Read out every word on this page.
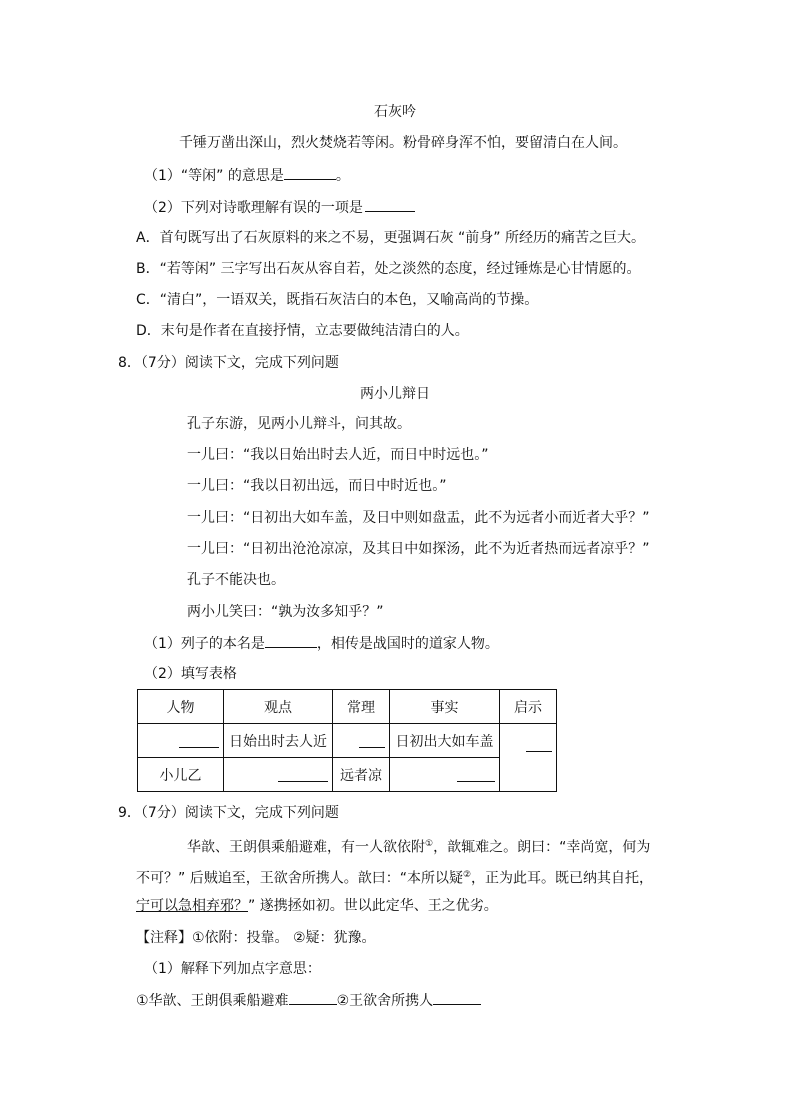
石灰吟
千锤万凿出深山，烈火焚烧若等闲。粉骨碎身浑不怕，要留清白在人间。
（1）“等闲” 的意思是	。
（2）下列对诗歌理解有误的一项是
A．首句既写出了石灰原料的来之不易，更强调石灰 “前身” 所经历的痛苦之巨大。
B．“若等闲” 三字写出石灰从容自若，处之淡然的态度，经过锤炼是心甘情愿的。
C．“清白”，一语双关，既指石灰洁白的本色，又喻高尚的节操。
D．末句是作者在直接抒情，立志要做纯洁清白的人。
8．（7分）阅读下文，完成下列问题
两小儿辩日
孔子东游，见两小儿辩斗，问其故。
一儿曰：“我以日始出时去人近，而日中时远也。”
一儿曰：“我以日初出远，而日中时近也。”
一儿曰：“日初出大如车盖，及日中则如盘盂，此不为远者小而近者大乎？”
一儿曰：“日初出沧沧凉凉，及其日中如探汤，此不为近者热而远者凉乎？”
孔子不能决也。
两小儿笑曰：“孰为汝多知乎？”
（1）列子的本名是	，相传是战国时的道家人物。
（2）填写表格
人物	观点	常理	事实	启示
	日始出时去人近		日初出大如车盖	
小儿乙		远者凉		
9．（7分）阅读下文，完成下列问题
华歆、王朗俱乘船避难，有一人欲依附①，歆辄难之。朗曰：“幸尚宽，何为
不可？” 后贼追至，王欲舍所携人。歆曰：“本所以疑②，正为此耳。既已纳其自托，
宁可以急相弃邪？” 遂携拯如初。世以此定华、王之优劣。
【注释】①依附：投靠。 ②疑：犹豫。
（1）解释下列加点字意思：
①华歆、王朗俱乘船避难	②王欲舍所携人
